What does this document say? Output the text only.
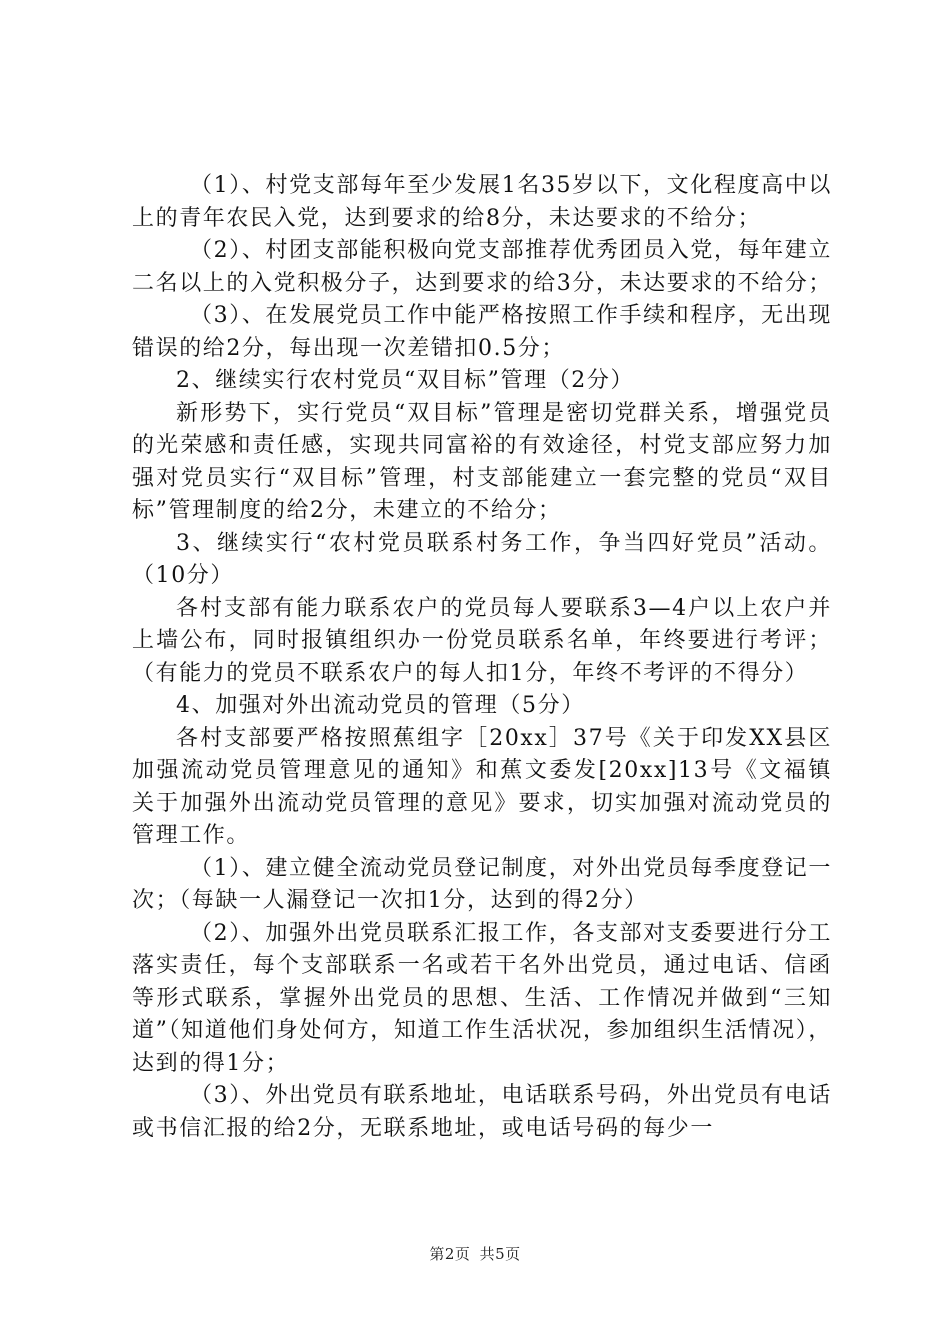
（1）、村党支部每年至少发展1名35岁以下，文化程度高中以上的青年农民入党，达到要求的给8分，未达要求的不给分；

（2）、村团支部能积极向党支部推荐优秀团员入党，每年建立二名以上的入党积极分子，达到要求的给3分，未达要求的不给分；

（3）、在发展党员工作中能严格按照工作手续和程序，无出现错误的给2分，每出现一次差错扣0.5分；

2、继续实行农村党员“双目标”管理（2分）

新形势下，实行党员“双目标”管理是密切党群关系，增强党员的光荣感和责任感，实现共同富裕的有效途径，村党支部应努力加强对党员实行“双目标”管理，村支部能建立一套完整的党员“双目标”管理制度的给2分，未建立的不给分；

3、继续实行“农村党员联系村务工作，争当四好党员”活动。（10分）

各村支部有能力联系农户的党员每人要联系3—4户以上农户并上墙公布，同时报镇组织办一份党员联系名单，年终要进行考评；（有能力的党员不联系农户的每人扣1分，年终不考评的不得分）

4、加强对外出流动党员的管理（5分）

各村支部要严格按照蕉组字［20xx］37号《关于印发XX县区加强流动党员管理意见的通知》和蕉文委发[20xx]13号《文福镇关于加强外出流动党员管理的意见》要求，切实加强对流动党员的管理工作。

（1）、建立健全流动党员登记制度，对外出党员每季度登记一次；（每缺一人漏登记一次扣1分，达到的得2分）

（2）、加强外出党员联系汇报工作，各支部对支委要进行分工落实责任，每个支部联系一名或若干名外出党员，通过电话、信函等形式联系，掌握外出党员的思想、生活、工作情况并做到“三知道”（知道他们身处何方，知道工作生活状况，参加组织生活情况），达到的得1分；

（3）、外出党员有联系地址，电话联系号码，外出党员有电话或书信汇报的给2分，无联系地址，或电话号码的每少一

第2页 共5页
